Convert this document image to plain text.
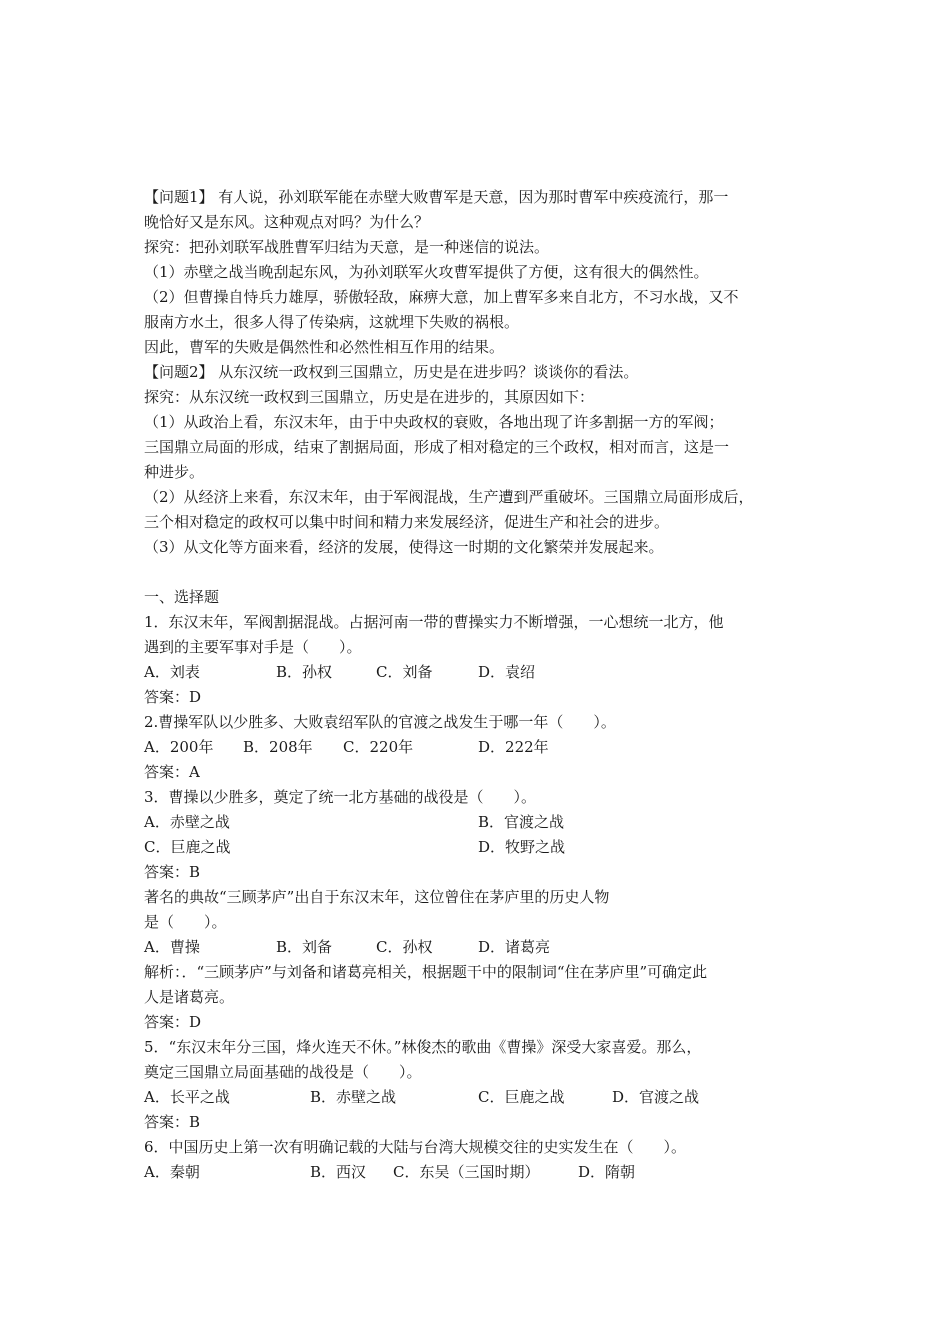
【问题1】 有人说，孙刘联军能在赤壁大败曹军是天意，因为那时曹军中疾疫流行，那一
晚恰好又是东风。这种观点对吗？为什么？
探究：把孙刘联军战胜曹军归结为天意，是一种迷信的说法。
（1）赤壁之战当晚刮起东风，为孙刘联军火攻曹军提供了方便，这有很大的偶然性。
（2）但曹操自恃兵力雄厚，骄傲轻敌，麻痹大意，加上曹军多来自北方，不习水战，又不
服南方水土，很多人得了传染病，这就埋下失败的祸根。
因此，曹军的失败是偶然性和必然性相互作用的结果。
【问题2】 从东汉统一政权到三国鼎立，历史是在进步吗？谈谈你的看法。
探究：从东汉统一政权到三国鼎立，历史是在进步的，其原因如下：
（1）从政治上看，东汉末年，由于中央政权的衰败，各地出现了许多割据一方的军阀；
三国鼎立局面的形成，结束了割据局面，形成了相对稳定的三个政权，相对而言，这是一
种进步。
（2）从经济上来看，东汉末年，由于军阀混战，生产遭到严重破坏。三国鼎立局面形成后，
三个相对稳定的政权可以集中时间和精力来发展经济，促进生产和社会的进步。
（3）从文化等方面来看，经济的发展，使得这一时期的文化繁荣并发展起来。
一、选择题
1．东汉末年，军阀割据混战。占据河南一带的曹操实力不断增强，一心想统一北方，他
遇到的主要军事对手是（　　）。
A．刘表	B．孙权	C．刘备	D．袁绍
答案：D
2.曹操军队以少胜多、大败袁绍军队的官渡之战发生于哪一年（　　）。
A．200年 B．208年 C．220年	D．222年
答案：A
3．曹操以少胜多，奠定了统一北方基础的战役是（　　）。
A．赤壁之战	B．官渡之战
C．巨鹿之战	D．牧野之战
答案：B
著名的典故“三顾茅庐”出自于东汉末年，这位曾住在茅庐里的历史人物
是（　　）。
A．曹操	B．刘备	C．孙权	D．诸葛亮
解析：．“三顾茅庐”与刘备和诸葛亮相关，根据题干中的限制词“住在茅庐里”可确定此
人是诸葛亮。
答案：D
5．“东汉末年分三国，烽火连天不休。”林俊杰的歌曲《曹操》深受大家喜爱。那么，
奠定三国鼎立局面基础的战役是（　　）。
A．长平之战	B．赤壁之战	C．巨鹿之战	D．官渡之战
答案：B
6．中国历史上第一次有明确记载的大陆与台湾大规模交往的史实发生在（　　）。
A．秦朝	B．西汉 C．东吴（三国时期）	D．隋朝
